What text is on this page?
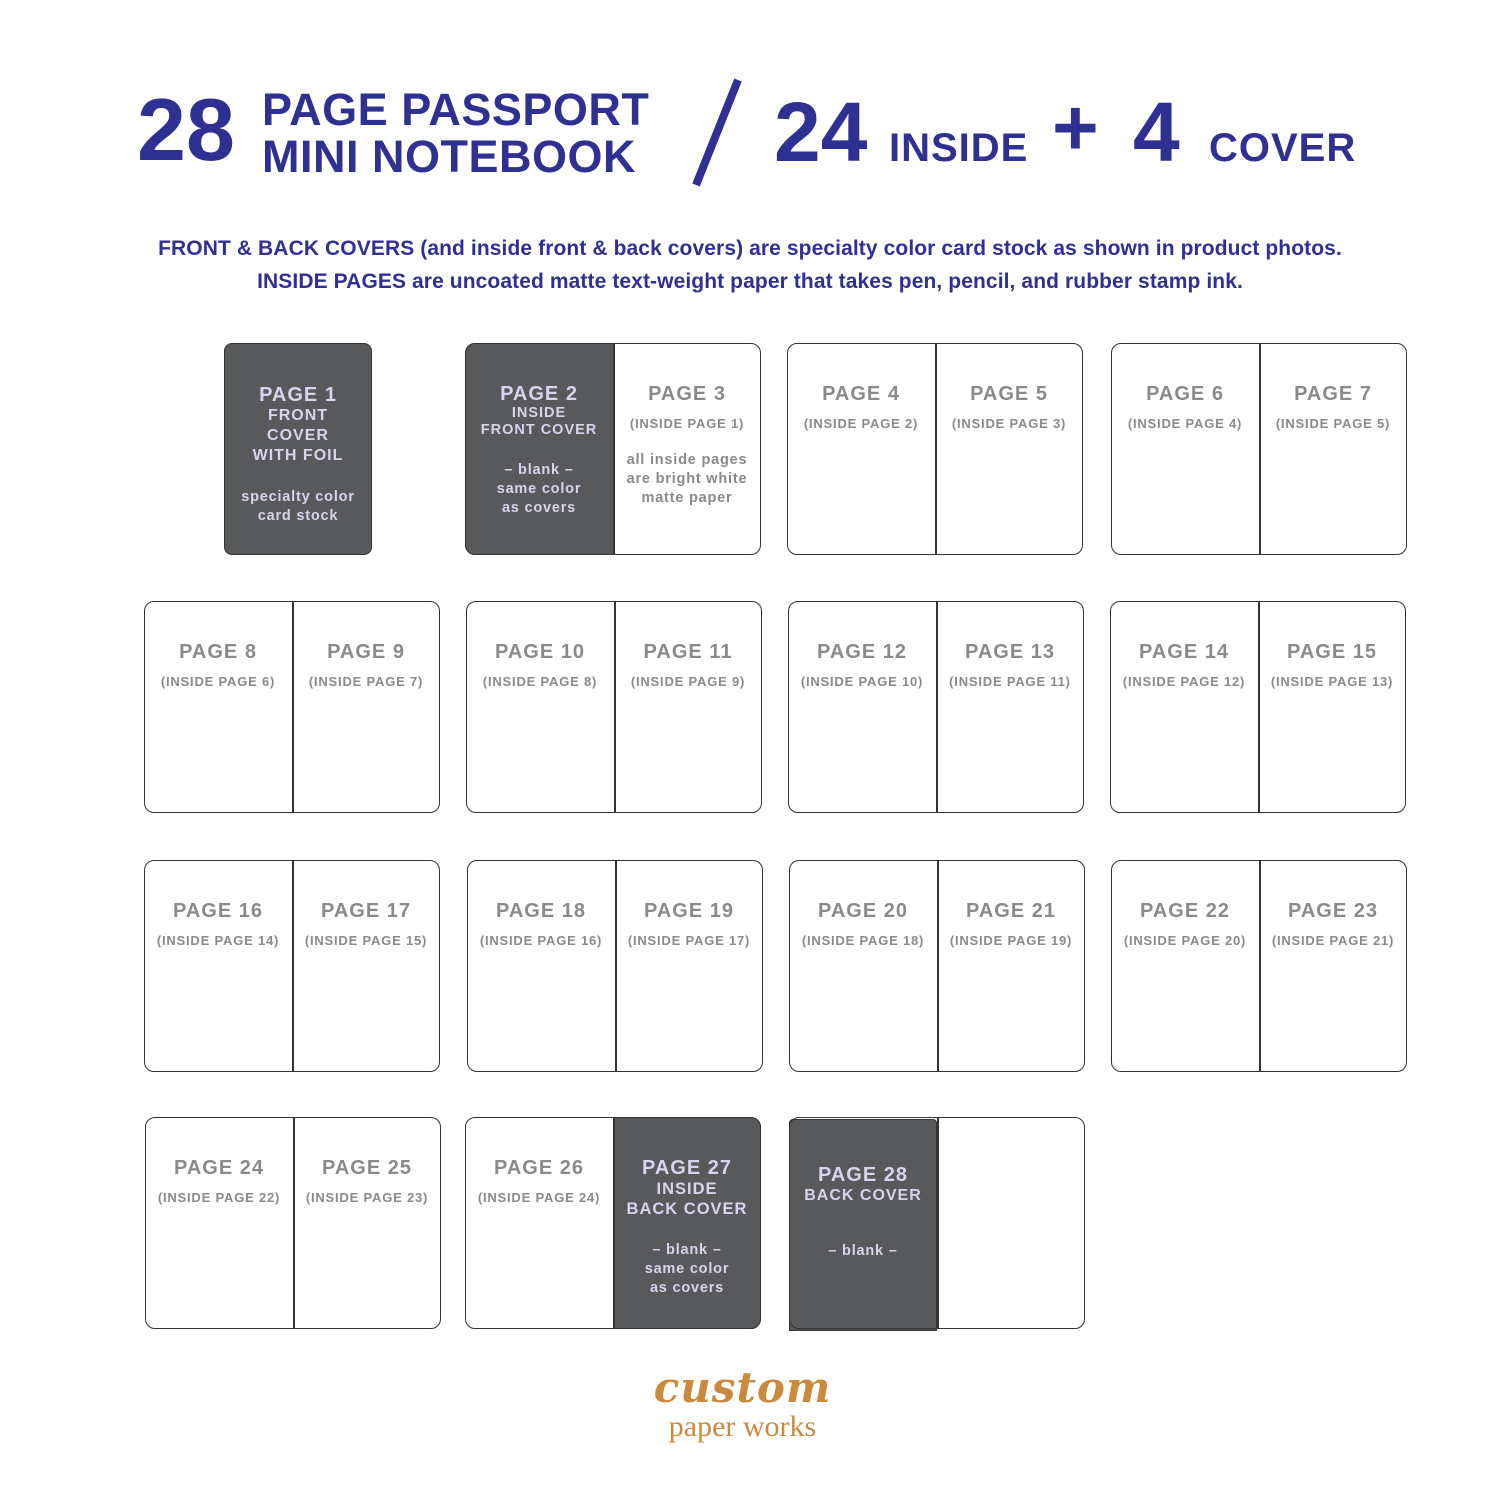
28 PAGE PASSPORT
MINI NOTEBOOK 24 INSIDE + 4 COVER
FRONT & BACK COVERS (and inside front & back covers) are specialty color card stock as shown in product photos.
INSIDE PAGES are uncoated matte text-weight paper that takes pen, pencil, and rubber stamp ink.
PAGE 1
FRONT
COVER
WITH FOIL
specialty color
card stock
PAGE 2
INSIDE
FRONT COVER
– blank –
same color
as covers
PAGE 3
(INSIDE PAGE 1)
all inside pages
are bright white
matte paper
PAGE 4
(INSIDE PAGE 2)
PAGE 5
(INSIDE PAGE 3)
PAGE 6
(INSIDE PAGE 4)
PAGE 7
(INSIDE PAGE 5)
PAGE 8
(INSIDE PAGE 6)
PAGE 9
(INSIDE PAGE 7)
PAGE 10
(INSIDE PAGE 8)
PAGE 11
(INSIDE PAGE 9)
PAGE 12
(INSIDE PAGE 10)
PAGE 13
(INSIDE PAGE 11)
PAGE 14
(INSIDE PAGE 12)
PAGE 15
(INSIDE PAGE 13)
PAGE 16
(INSIDE PAGE 14)
PAGE 17
(INSIDE PAGE 15)
PAGE 18
(INSIDE PAGE 16)
PAGE 19
(INSIDE PAGE 17)
PAGE 20
(INSIDE PAGE 18)
PAGE 21
(INSIDE PAGE 19)
PAGE 22
(INSIDE PAGE 20)
PAGE 23
(INSIDE PAGE 21)
PAGE 24
(INSIDE PAGE 22)
PAGE 25
(INSIDE PAGE 23)
PAGE 26
(INSIDE PAGE 24)
PAGE 27
INSIDE
BACK COVER
– blank –
same color
as covers
PAGE 28
BACK COVER
– blank –
custom
paper works
